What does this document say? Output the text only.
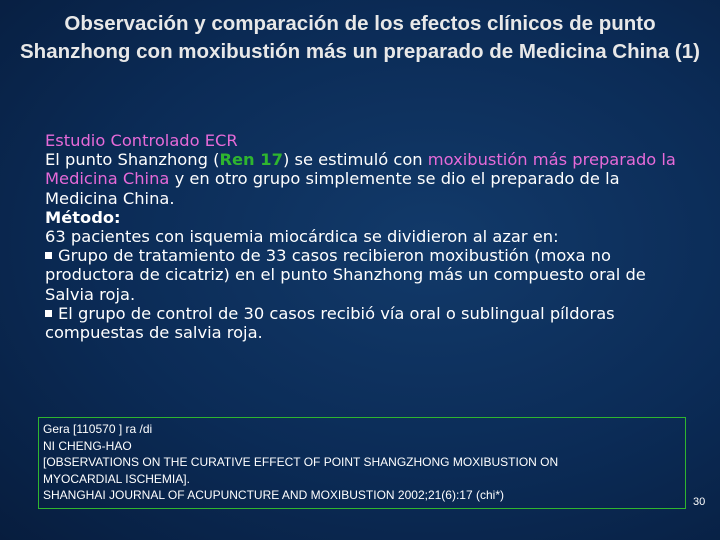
Observación y comparación de los efectos clínicos de punto Shanzhong con moxibustión más un preparado de Medicina China (1)
Estudio Controlado ECR
El punto Shanzhong (Ren 17) se estimuló con moxibustión más preparado la Medicina China y en otro grupo simplemente se dio el preparado de la Medicina China.
Método:
63 pacientes con isquemia miocárdica se dividieron al azar en:
Grupo de tratamiento de 33 casos recibieron moxibustión (moxa no productora de cicatriz) en el punto Shanzhong más un compuesto oral de Salvia roja.
El grupo de control de 30 casos recibió vía oral o sublingual píldoras compuestas de salvia roja.
Gera [110570 ] ra /di
NI CHENG-HAO
[OBSERVATIONS ON THE CURATIVE EFFECT OF POINT SHANGZHONG MOXIBUSTION ON
MYOCARDIAL ISCHEMIA].
SHANGHAI JOURNAL OF ACUPUNCTURE AND MOXIBUSTION 2002;21(6):17 (chi*)	30
